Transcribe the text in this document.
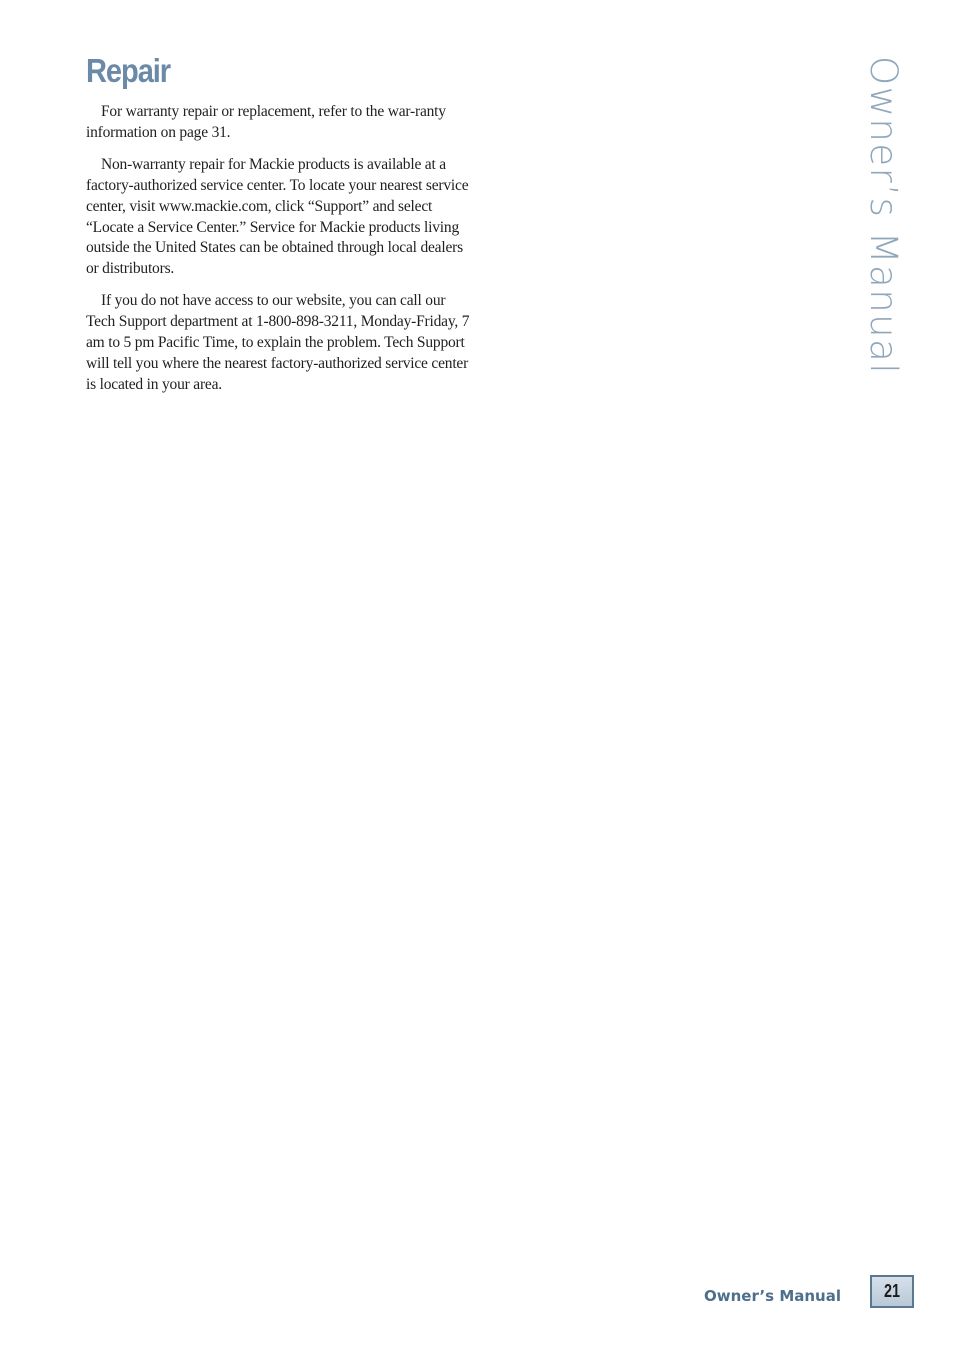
Repair

For warranty repair or replacement, refer to the war-ranty information on page 31.

Non-warranty repair for Mackie products is available at a factory-authorized service center. To locate your nearest service center, visit www.mackie.com, click “Support” and select “Locate a Service Center.” Service for Mackie products living outside the United States can be obtained through local dealers or distributors.

If you do not have access to our website, you can call our Tech Support department at 1-800-898-3211, Monday-Friday, 7 am to 5 pm Pacific Time, to explain the problem. Tech Support will tell you where the nearest factory-authorized service center is located in your area.

Owner’s Manual
Owner’s Manual 21
